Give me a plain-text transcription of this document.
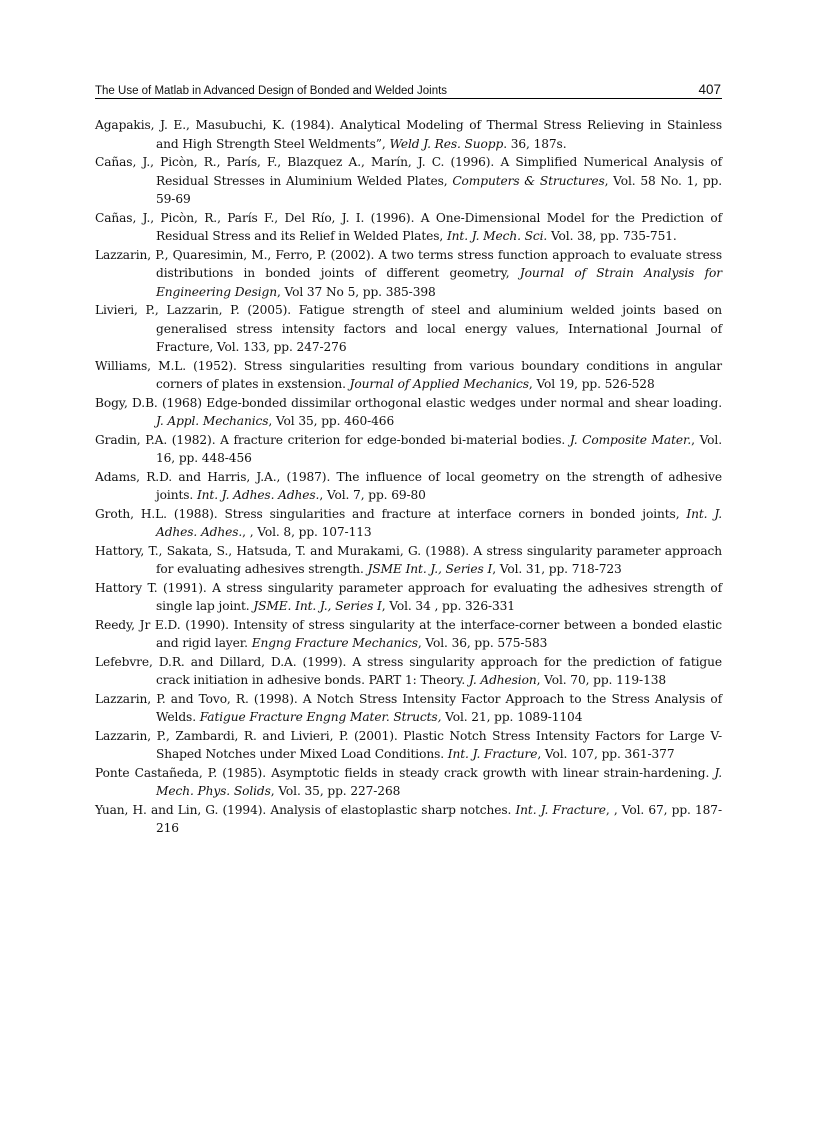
The Use of Matlab in Advanced Design of Bonded and Welded Joints	407

Agapakis, J. E., Masubuchi, K. (1984). Analytical Modeling of Thermal Stress Relieving in Stainless and High Strength Steel Weldments”, Weld J. Res. Suopp. 36, 187s.

Cañas, J., Picòn, R., París, F., Blazquez A., Marín, J. C. (1996). A Simplified Numerical Analysis of Residual Stresses in Aluminium Welded Plates, Computers & Structures, Vol. 58 No. 1, pp. 59-69

Cañas, J., Picòn, R., París F., Del Río, J. I. (1996). A One-Dimensional Model for the Prediction of Residual Stress and its Relief in Welded Plates, Int. J. Mech. Sci. Vol. 38, pp. 735-751.

Lazzarin, P., Quaresimin, M., Ferro, P. (2002). A two terms stress function approach to evaluate stress distributions in bonded joints of different geometry, Journal of Strain Analysis for Engineering Design, Vol 37 No 5, pp. 385-398

Livieri, P., Lazzarin, P. (2005). Fatigue strength of steel and aluminium welded joints based on generalised stress intensity factors and local energy values, International Journal of Fracture, Vol. 133, pp. 247-276

Williams, M.L. (1952). Stress singularities resulting from various boundary conditions in angular corners of plates in exstension. Journal of Applied Mechanics, Vol 19, pp. 526-528

Bogy, D.B. (1968) Edge-bonded dissimilar orthogonal elastic wedges under normal and shear loading. J. Appl. Mechanics, Vol 35, pp. 460-466

Gradin, P.A. (1982). A fracture criterion for edge-bonded bi-material bodies. J. Composite Mater., Vol. 16, pp. 448-456

Adams, R.D. and Harris, J.A., (1987). The influence of local geometry on the strength of adhesive joints. Int. J. Adhes. Adhes., Vol. 7, pp. 69-80

Groth, H.L. (1988). Stress singularities and fracture at interface corners in bonded joints, Int. J. Adhes. Adhes., , Vol. 8, pp. 107-113

Hattory, T., Sakata, S., Hatsuda, T. and Murakami, G. (1988). A stress singularity parameter approach for evaluating adhesives strength. JSME Int. J., Series I, Vol. 31, pp. 718-723

Hattory T. (1991). A stress singularity parameter approach for evaluating the adhesives strength of single lap joint. JSME. Int. J., Series I, Vol. 34 , pp. 326-331

Reedy, Jr E.D. (1990). Intensity of stress singularity at the interface-corner between a bonded elastic and rigid layer. Engng Fracture Mechanics, Vol. 36, pp. 575-583

Lefebvre, D.R. and Dillard, D.A. (1999). A stress singularity approach for the prediction of fatigue crack initiation in adhesive bonds. PART 1: Theory. J. Adhesion, Vol. 70, pp. 119-138

Lazzarin, P. and Tovo, R. (1998). A Notch Stress Intensity Factor Approach to the Stress Analysis of Welds. Fatigue Fracture Engng Mater. Structs, Vol. 21, pp. 1089-1104

Lazzarin, P., Zambardi, R. and Livieri, P. (2001). Plastic Notch Stress Intensity Factors for Large V-Shaped Notches under Mixed Load Conditions. Int. J. Fracture, Vol. 107, pp. 361-377

Ponte Castañeda, P. (1985). Asymptotic fields in steady crack growth with linear strain-hardening. J. Mech. Phys. Solids, Vol. 35, pp. 227-268

Yuan, H. and Lin, G. (1994). Analysis of elastoplastic sharp notches. Int. J. Fracture, , Vol. 67, pp. 187-216
